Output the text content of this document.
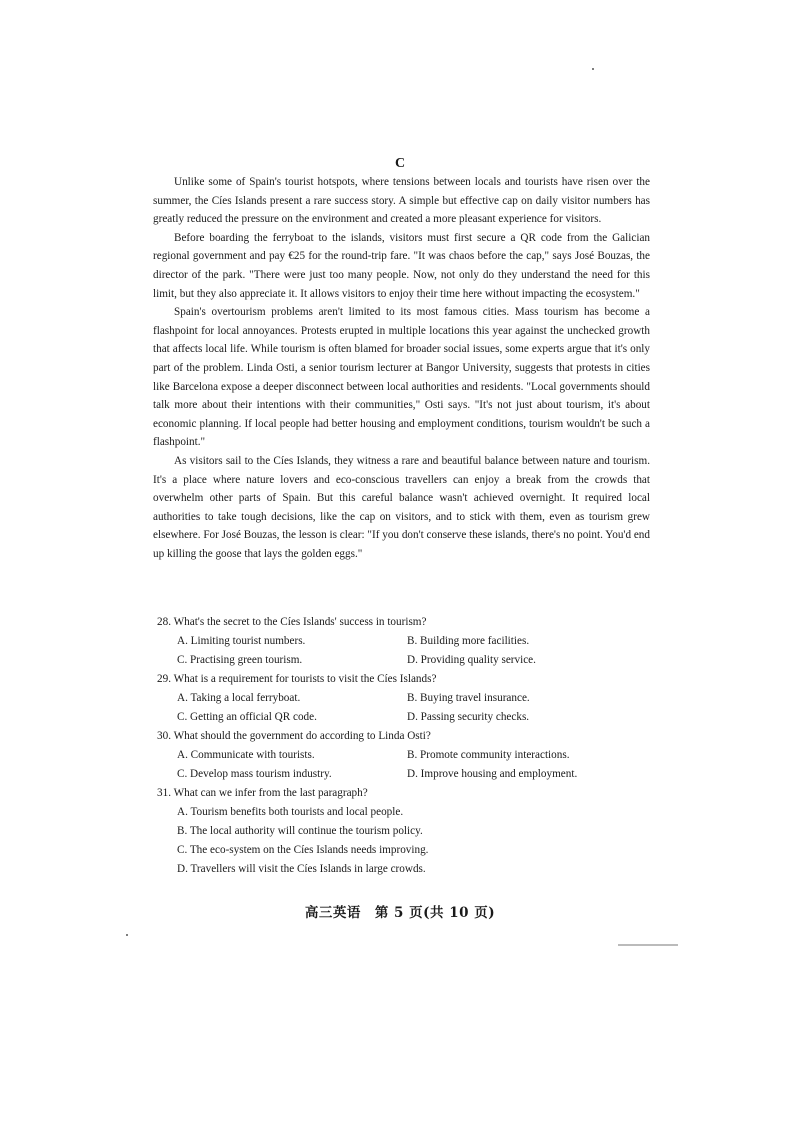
C

Unlike some of Spain's tourist hotspots, where tensions between locals and tourists have risen over the summer, the Cíes Islands present a rare success story. A simple but effective cap on daily visitor numbers has greatly reduced the pressure on the environment and created a more pleasant experience for visitors.

Before boarding the ferryboat to the islands, visitors must first secure a QR code from the Galician regional government and pay €25 for the round-trip fare. "It was chaos before the cap," says José Bouzas, the director of the park. "There were just too many people. Now, not only do they understand the need for this limit, but they also appreciate it. It allows visitors to enjoy their time here without impacting the ecosystem."

Spain's overtourism problems aren't limited to its most famous cities. Mass tourism has become a flashpoint for local annoyances. Protests erupted in multiple locations this year against the unchecked growth that affects local life. While tourism is often blamed for broader social issues, some experts argue that it's only part of the problem. Linda Osti, a senior tourism lecturer at Bangor University, suggests that protests in cities like Barcelona expose a deeper disconnect between local authorities and residents. "Local governments should talk more about their intentions with their communities," Osti says. "It's not just about tourism, it's about economic planning. If local people had better housing and employment conditions, tourism wouldn't be such a flashpoint."

As visitors sail to the Cíes Islands, they witness a rare and beautiful balance between nature and tourism. It's a place where nature lovers and eco-conscious travellers can enjoy a break from the crowds that overwhelm other parts of Spain. But this careful balance wasn't achieved overnight. It required local authorities to take tough decisions, like the cap on visitors, and to stick with them, even as tourism grew elsewhere. For José Bouzas, the lesson is clear: "If you don't conserve these islands, there's no point. You'd end up killing the goose that lays the golden eggs."

28. What's the secret to the Cíes Islands' success in tourism?

A. Limiting tourist numbers.	B. Building more facilities.

C. Practising green tourism.	D. Providing quality service.

29. What is a requirement for tourists to visit the Cíes Islands?

A. Taking a local ferryboat.	B. Buying travel insurance.

C. Getting an official QR code.	D. Passing security checks.

30. What should the government do according to Linda Osti?

A. Communicate with tourists.	B. Promote community interactions.

C. Develop mass tourism industry.	D. Improve housing and employment.

31. What can we infer from the last paragraph?

A. Tourism benefits both tourists and local people.

B. The local authority will continue the tourism policy.

C. The eco-system on the Cíes Islands needs improving.

D. Travellers will visit the Cíes Islands in large crowds.

高三英语　第 5 页(共 10 页)
